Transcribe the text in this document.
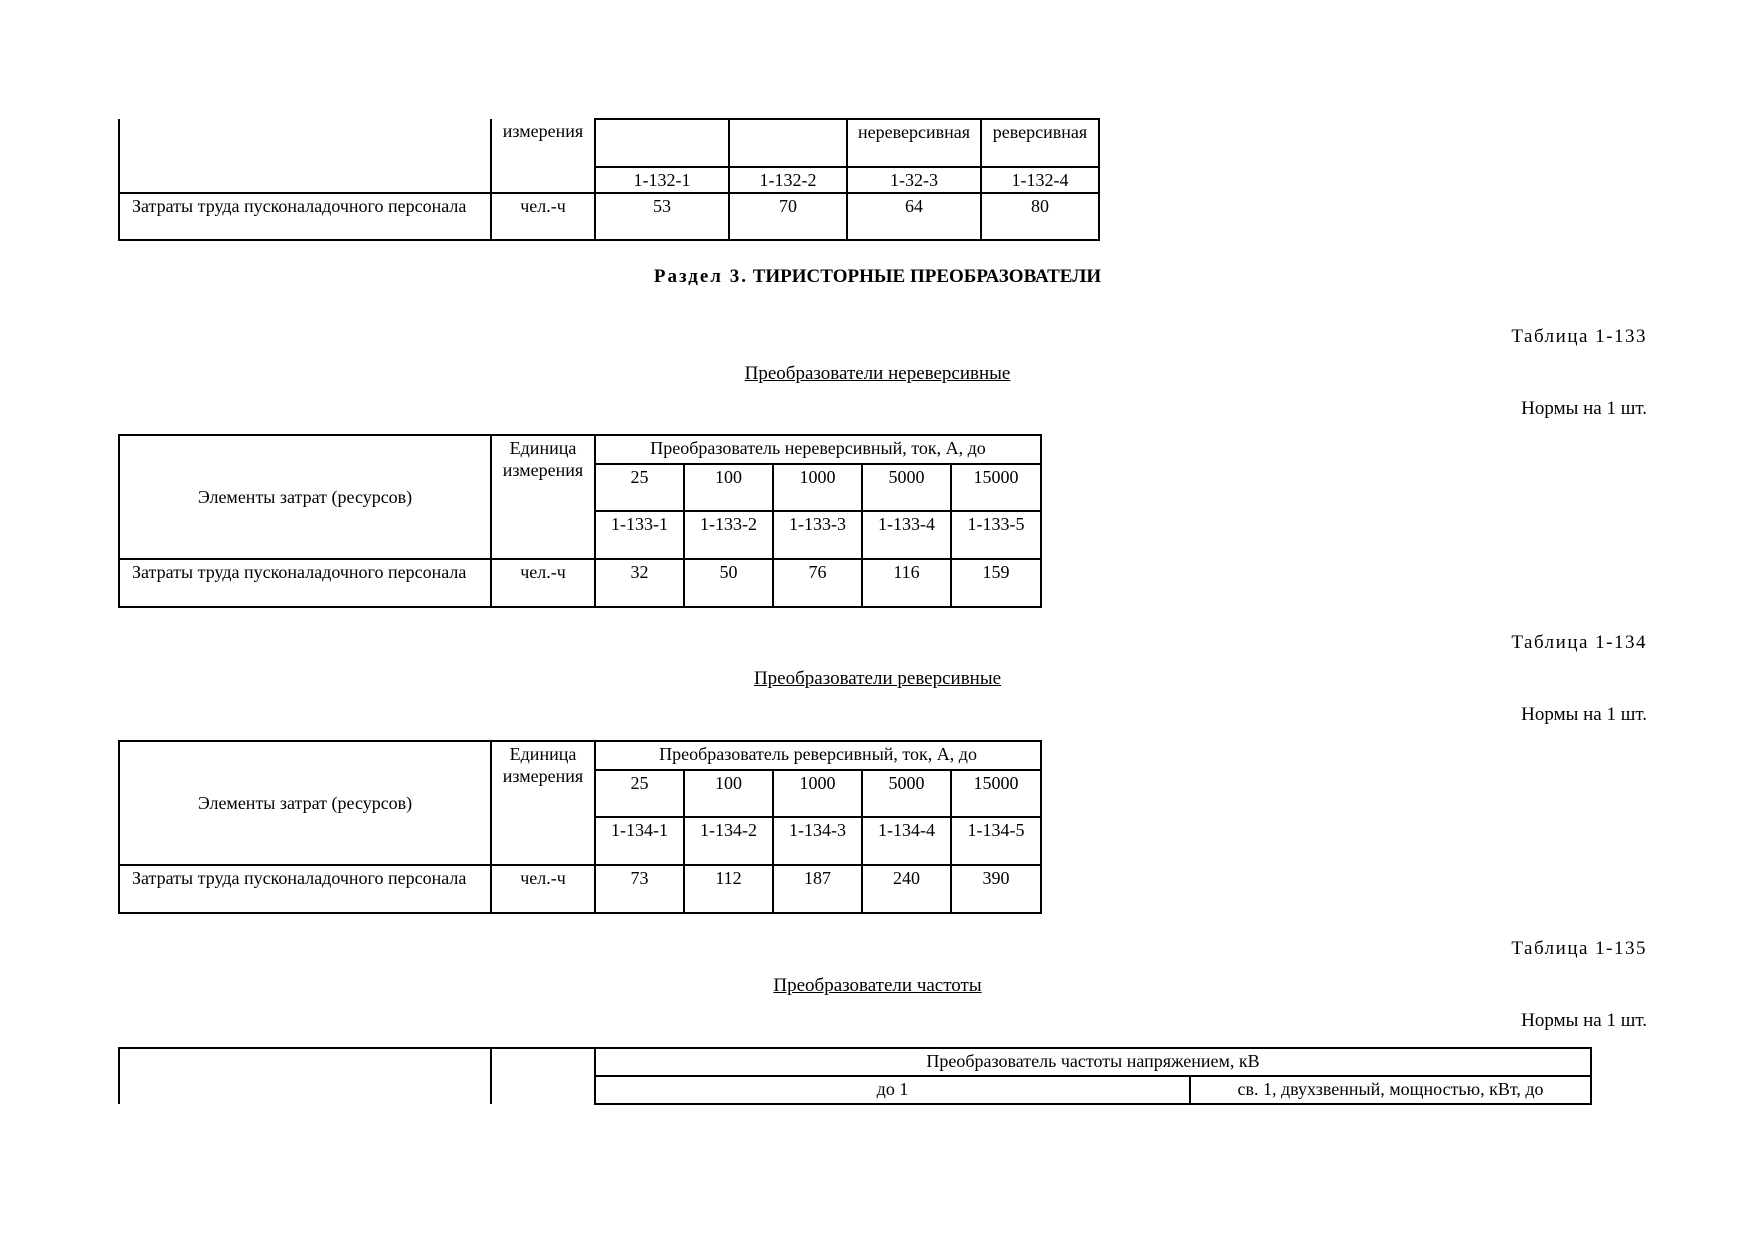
	измерения			нереверсивная	реверсивная
		1-132-1	1-132-2	1-32-3	1-132-4
Затраты труда пусконаладочного персонала	чел.-ч	53	70	64	80
Раздел 3. ТИРИСТОРНЫЕ ПРЕОБРАЗОВАТЕЛИ
Таблица 1-133
Преобразователи нереверсивные
Нормы на 1 шт.
Элементы затрат (ресурсов)	Единица измерения	Преобразователь нереверсивный, ток, А, до				
		25	100	1000	5000	15000
		1-133-1	1-133-2	1-133-3	1-133-4	1-133-5
Затраты труда пусконаладочного персонала	чел.-ч	32	50	76	116	159
Таблица 1-134
Преобразователи реверсивные
Нормы на 1 шт.
Элементы затрат (ресурсов)	Единица измерения	Преобразователь реверсивный, ток, А, до				
		25	100	1000	5000	15000
		1-134-1	1-134-2	1-134-3	1-134-4	1-134-5
Затраты труда пусконаладочного персонала	чел.-ч	73	112	187	240	390
Таблица 1-135
Преобразователи частоты
Нормы на 1 шт.
		Преобразователь частоты напряжением, кВ	
		до 1	св. 1, двухзвенный, мощностью, кВт, до
